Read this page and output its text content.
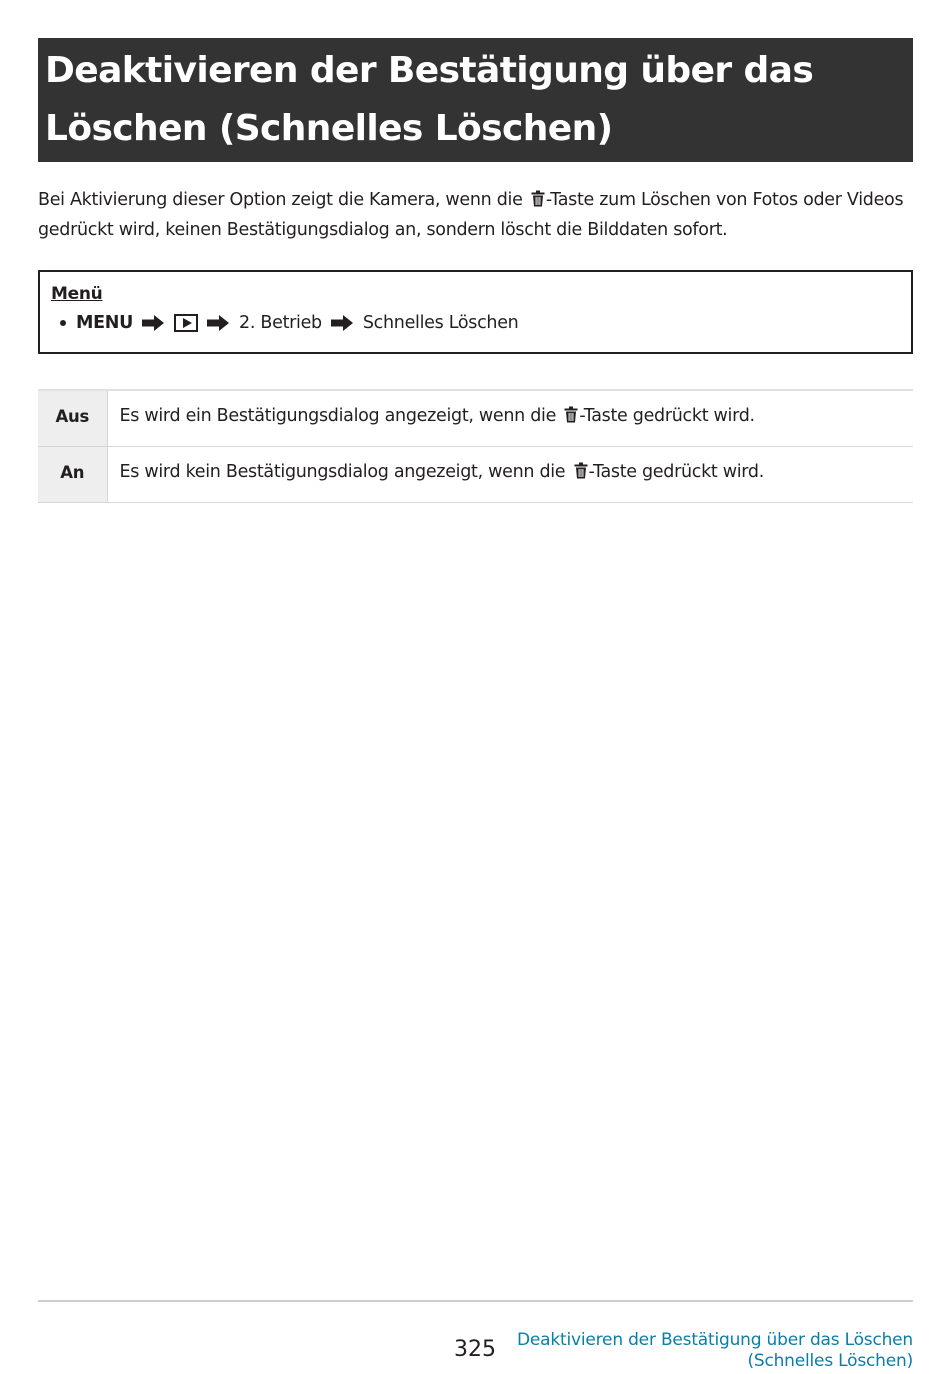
Deaktivieren der Bestätigung über das
Löschen (Schnelles Löschen)

Bei Aktivierung dieser Option zeigt die Kamera, wenn die -Taste zum Löschen von Fotos oder Videos gedrückt wird, keinen Bestätigungsdialog an, sondern löscht die Bilddaten sofort.

Menü
MENU	2. Betrieb Schnelles Löschen
Aus	Es wird ein Bestätigungsdialog angezeigt, wenn die -Taste gedrückt wird.
An	Es wird kein Bestätigungsdialog angezeigt, wenn die -Taste gedrückt wird.
325	Deaktivieren der Bestätigung über das Löschen
(Schnelles Löschen)
